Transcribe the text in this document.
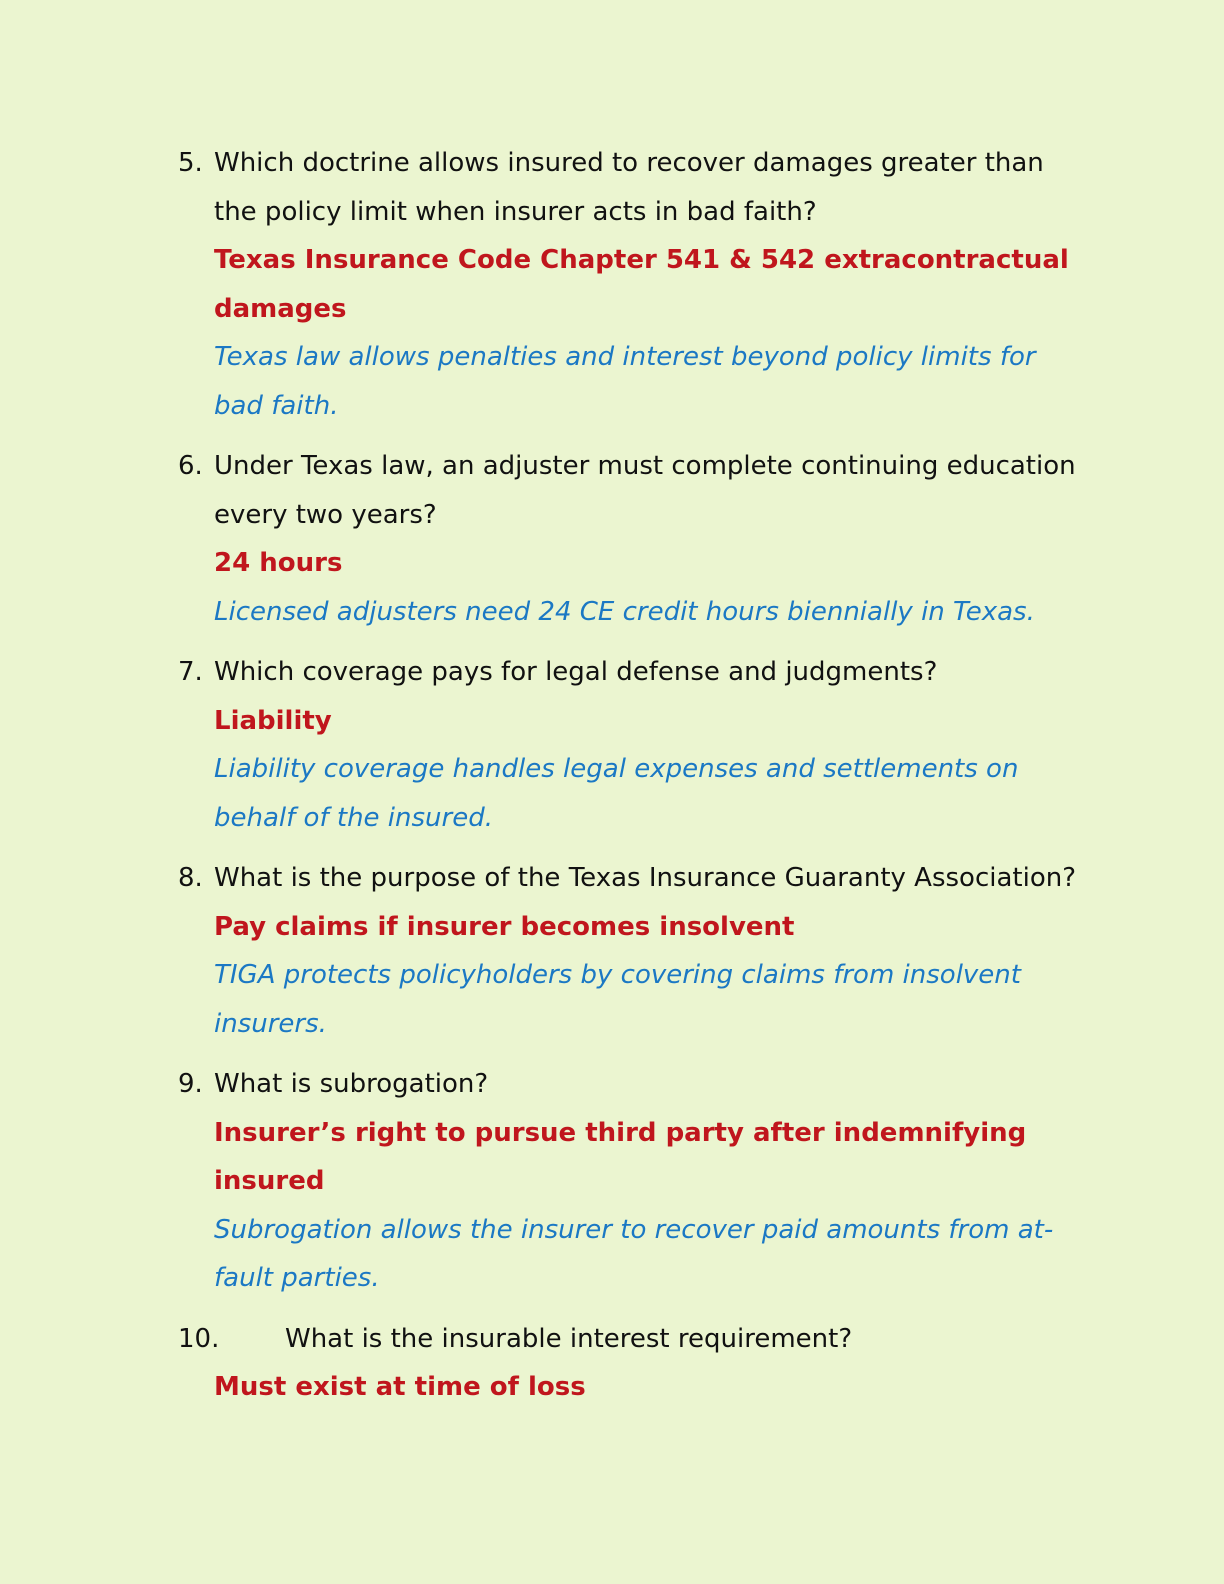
5. Which doctrine allows insured to recover damages greater than the policy limit when insurer acts in bad faith?
Texas Insurance Code Chapter 541 & 542 extracontractual damages
Texas law allows penalties and interest beyond policy limits for bad faith.
6. Under Texas law, an adjuster must complete continuing education every two years?
24 hours
Licensed adjusters need 24 CE credit hours biennially in Texas.
7. Which coverage pays for legal defense and judgments?
Liability
Liability coverage handles legal expenses and settlements on behalf of the insured.
8. What is the purpose of the Texas Insurance Guaranty Association?
Pay claims if insurer becomes insolvent
TIGA protects policyholders by covering claims from insolvent insurers.
9. What is subrogation?
Insurer’s right to pursue third party after indemnifying insured
Subrogation allows the insurer to recover paid amounts from at-fault parties.
10.	What is the insurable interest requirement?
Must exist at time of loss
